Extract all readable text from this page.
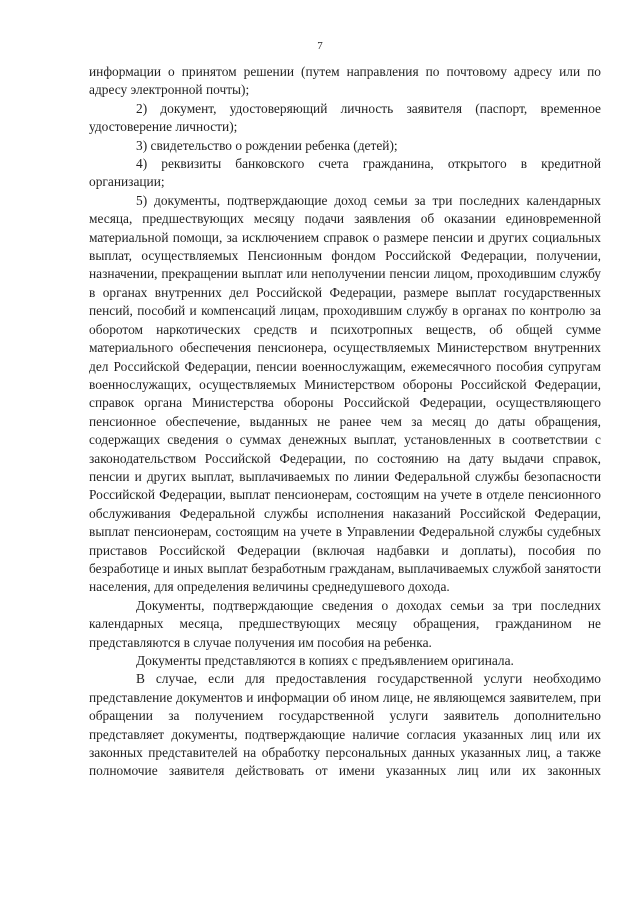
7

информации о принятом решении (путем направления по почтовому адресу или по адресу электронной почты);

2) документ, удостоверяющий личность заявителя (паспорт, временное удостоверение личности);

3) свидетельство о рождении ребенка (детей);

4) реквизиты банковского счета гражданина, открытого в кредитной организации;

5) документы, подтверждающие доход семьи за три последних календарных месяца, предшествующих месяцу подачи заявления об оказании единовременной материальной помощи, за исключением справок о размере пенсии и других социальных выплат, осуществляемых Пенсионным фондом Российской Федерации, получении, назначении, прекращении выплат или неполучении пенсии лицом, проходившим службу в органах внутренних дел Российской Федерации, размере выплат государственных пенсий, пособий и компенсаций лицам, проходившим службу в органах по контролю за оборотом наркотических средств и психотропных веществ, об общей сумме материального обеспечения пенсионера, осуществляемых Министерством внутренних дел Российской Федерации, пенсии военнослужащим, ежемесячного пособия супругам военнослужащих, осуществляемых Министерством обороны Российской Федерации, справок органа Министерства обороны Российской Федерации, осуществляющего пенсионное обеспечение, выданных не ранее чем за месяц до даты обращения, содержащих сведения о суммах денежных выплат, установленных в соответствии с законодательством Российской Федерации, по состоянию на дату выдачи справок, пенсии и других выплат, выплачиваемых по линии Федеральной службы безопасности Российской Федерации, выплат пенсионерам, состоящим на учете в отделе пенсионного обслуживания Федеральной службы исполнения наказаний Российской Федерации, выплат пенсионерам, состоящим на учете в Управлении Федеральной службы судебных приставов Российской Федерации (включая надбавки и доплаты), пособия по безработице и иных выплат безработным гражданам, выплачиваемых службой занятости населения, для определения величины среднедушевого дохода.

Документы, подтверждающие сведения о доходах семьи за три последних календарных месяца, предшествующих месяцу обращения, гражданином не представляются в случае получения им пособия на ребенка.

Документы представляются в копиях с предъявлением оригинала.

В случае, если для предоставления государственной услуги необходимо представление документов и информации об ином лице, не являющемся заявителем, при обращении за получением государственной услуги заявитель дополнительно представляет документы, подтверждающие наличие согласия указанных лиц или их законных представителей на обработку персональных данных указанных лиц, а также полномочие заявителя действовать от имени указанных лиц или их законных
